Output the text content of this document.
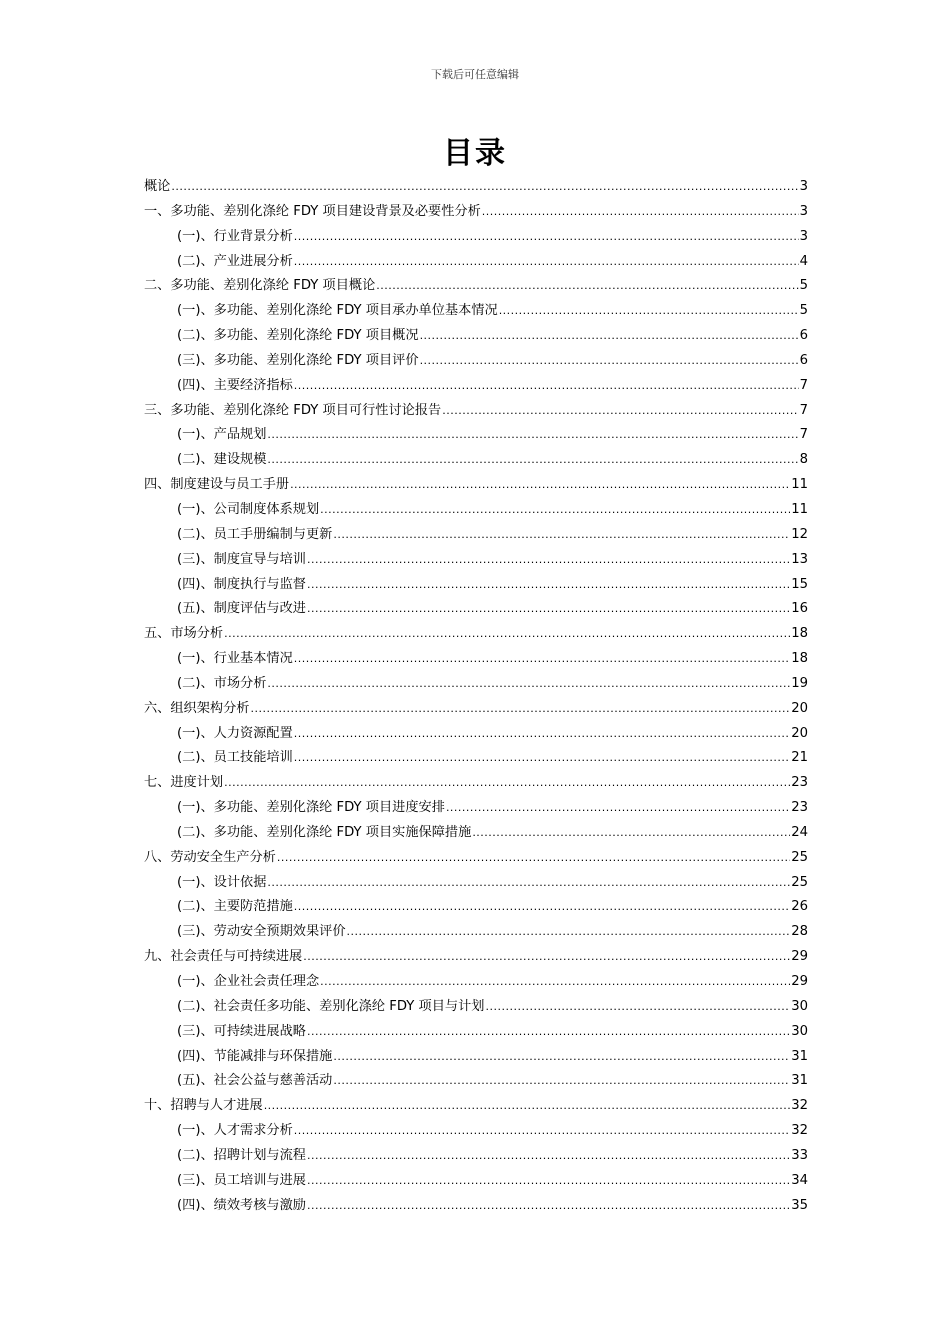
下载后可任意编辑
目录
概论 .....	3
一、多功能、差别化涤纶 FDY 项目建设背景及必要性分析 .....	3
(一)、行业背景分析 .....	3
(二)、产业进展分析 .....	4
二、多功能、差别化涤纶 FDY 项目概论 .....	5
(一)、多功能、差别化涤纶 FDY 项目承办单位基本情况 .....	5
(二)、多功能、差别化涤纶 FDY 项目概况 .....	6
(三)、多功能、差别化涤纶 FDY 项目评价 .....	6
(四)、主要经济指标 .....	7
三、多功能、差别化涤纶 FDY 项目可行性讨论报告 .....	7
(一)、产品规划 .....	7
(二)、建设规模 .....	8
四、制度建设与员工手册 .....	11
(一)、公司制度体系规划 .....	11
(二)、员工手册编制与更新 .....	12
(三)、制度宣导与培训 .....	13
(四)、制度执行与监督 .....	15
(五)、制度评估与改进 .....	16
五、市场分析 .....	18
(一)、行业基本情况 .....	18
(二)、市场分析 .....	19
六、组织架构分析 .....	20
(一)、人力资源配置 .....	20
(二)、员工技能培训 .....	21
七、进度计划 .....	23
(一)、多功能、差别化涤纶 FDY 项目进度安排 .....	23
(二)、多功能、差别化涤纶 FDY 项目实施保障措施 .....	24
八、劳动安全生产分析 .....	25
(一)、设计依据 .....	25
(二)、主要防范措施 .....	26
(三)、劳动安全预期效果评价 .....	28
九、社会责任与可持续进展 .....	29
(一)、企业社会责任理念 .....	29
(二)、社会责任多功能、差别化涤纶 FDY 项目与计划 .....	30
(三)、可持续进展战略 .....	30
(四)、节能减排与环保措施 .....	31
(五)、社会公益与慈善活动 .....	31
十、招聘与人才进展 .....	32
(一)、人才需求分析 .....	32
(二)、招聘计划与流程 .....	33
(三)、员工培训与进展 .....	34
(四)、绩效考核与激励 .....	35
